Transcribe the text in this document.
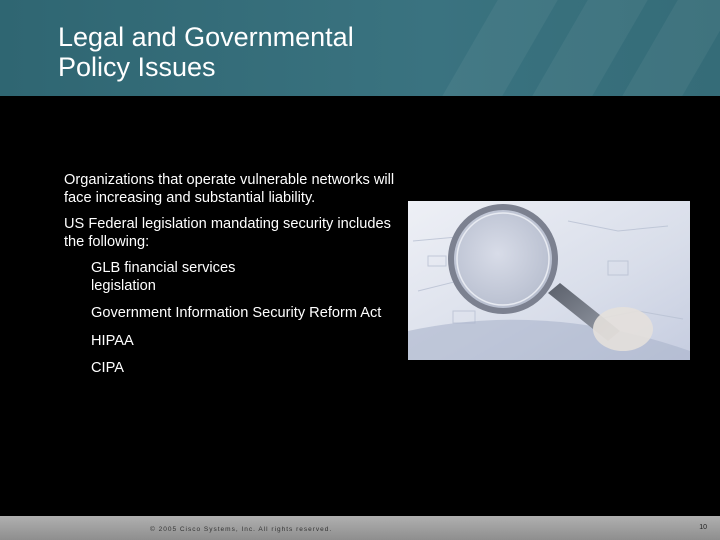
Legal and Governmental
Policy Issues

Organizations that operate vulnerable networks will face increasing and substantial liability.

US Federal legislation mandating security includes the following:

GLB financial services legislation

Government Information Security Reform Act

HIPAA

CIPA

© 2005 Cisco Systems, Inc. All rights reserved.	10
